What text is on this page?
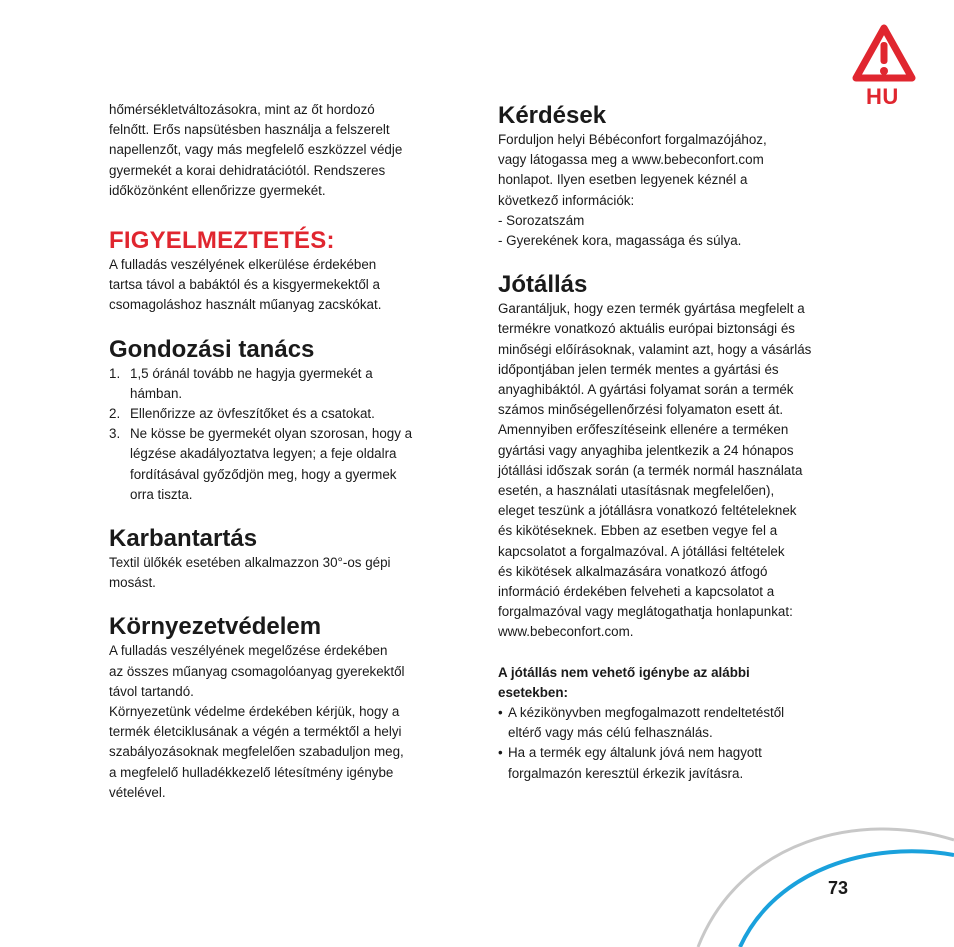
HU

hőmérsékletváltozásokra, mint az őt hordozó
felnőtt. Erős napsütésben használja a felszerelt
napellenzőt, vagy más megfelelő eszközzel védje
gyermekét a korai dehidratációtól. Rendszeres
időközönként ellenőrizze gyermekét.

FIGYELMEZTETÉS:

A fulladás veszélyének elkerülése érdekében
tartsa távol a babáktól és a kisgyermekektől a
csomagoláshoz használt műanyag zacskókat.

Gondozási tanács
1. 1,5 óránál tovább ne hagyja gyermekét a
hámban.
2. Ellenőrizze az övfeszítőket és a csatokat.
3. Ne kösse be gyermekét olyan szorosan, hogy a
légzése akadályoztatva legyen; a feje oldalra
fordításával győződjön meg, hogy a gyermek
orra tiszta.
Karbantartás

Textil ülőkék esetében alkalmazzon 30°-os gépi
mosást.

Környezetvédelem

A fulladás veszélyének megelőzése érdekében
az összes műanyag csomagolóanyag gyerekektől
távol tartandó.
Környezetünk védelme érdekében kérjük, hogy a
termék életciklusának a végén a terméktől a helyi
szabályozásoknak megfelelően szabaduljon meg,
a megfelelő hulladékkezelő létesítmény igénybe
vételével.

Kérdések

Forduljon helyi Bébéconfort forgalmazójához,
vagy látogassa meg a www.bebeconfort.com
honlapot. Ilyen esetben legyenek kéznél a
következő információk:
- Sorozatszám
- Gyerekének kora, magassága és súlya.

Jótállás

Garantáljuk, hogy ezen termék gyártása megfelelt a
termékre vonatkozó aktuális európai biztonsági és
minőségi előírásoknak, valamint azt, hogy a vásárlás
időpontjában jelen termék mentes a gyártási és
anyaghibáktól. A gyártási folyamat során a termék
számos minőségellenőrzési folyamaton esett át.
Amennyiben erőfeszítéseink ellenére a terméken
gyártási vagy anyaghiba jelentkezik a 24 hónapos
jótállási időszak során (a termék normál használata
esetén, a használati utasításnak megfelelően),
eleget teszünk a jótállásra vonatkozó feltételeknek
és kikötéseknek. Ebben az esetben vegye fel a
kapcsolatot a forgalmazóval. A jótállási feltételek
és kikötések alkalmazására vonatkozó átfogó
információ érdekében felveheti a kapcsolatot a
forgalmazóval vagy meglátogathatja honlapunkat:
www.bebeconfort.com.

A jótállás nem vehető igénybe az alábbi
esetekben:

• A kézikönyvben megfogalmazott rendeltetéstől
eltérő vagy más célú felhasználás.
• Ha a termék egy általunk jóvá nem hagyott
forgalmazón keresztül érkezik javításra.
73
